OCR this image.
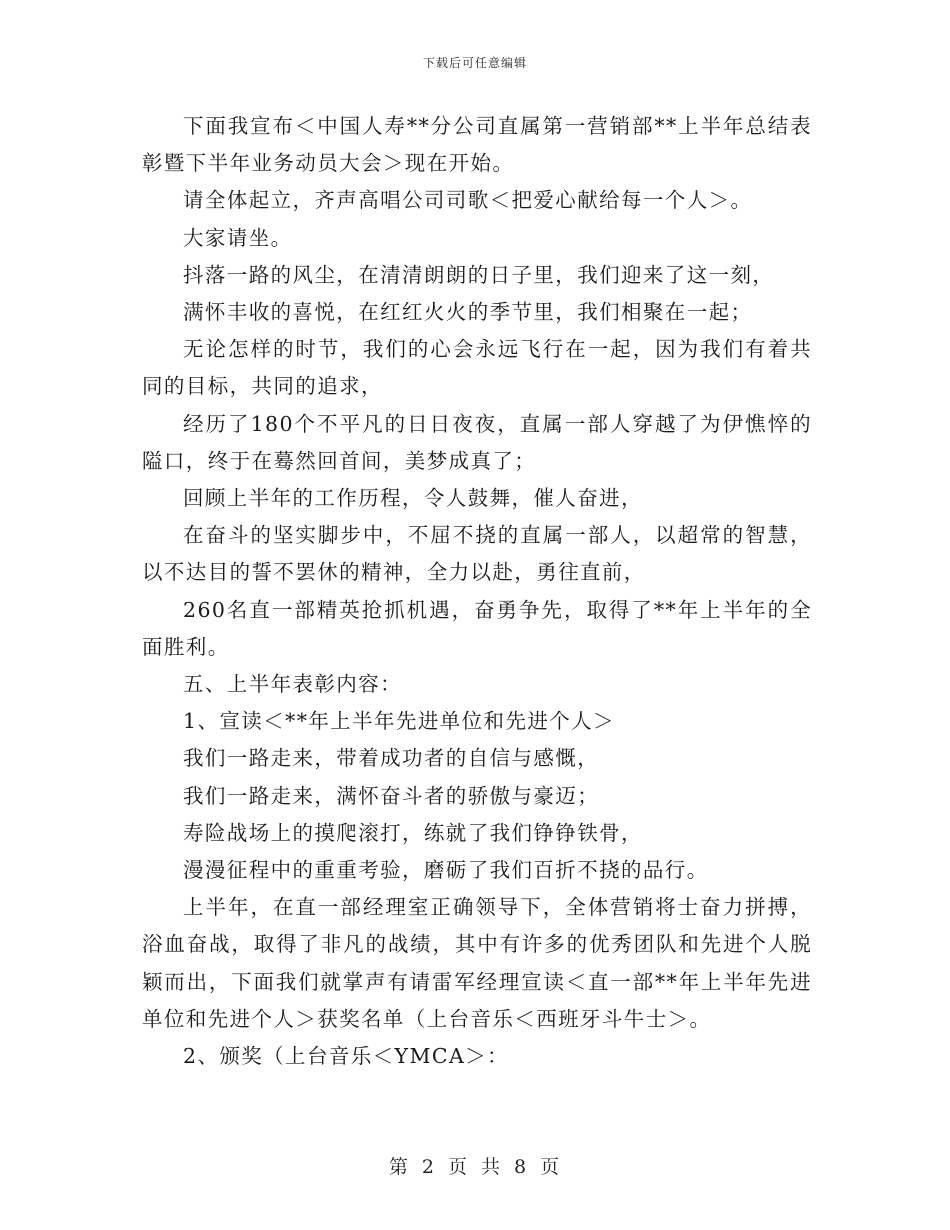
下载后可任意编辑

下面我宣布＜中国人寿**分公司直属第一营销部**上半年总结表彰暨下半年业务动员大会＞现在开始。

请全体起立，齐声高唱公司司歌＜把爱心献给每一个人＞。

大家请坐。

抖落一路的风尘，在清清朗朗的日子里，我们迎来了这一刻，

满怀丰收的喜悦，在红红火火的季节里，我们相聚在一起；

无论怎样的时节，我们的心会永远飞行在一起，因为我们有着共同的目标，共同的追求，

经历了180个不平凡的日日夜夜，直属一部人穿越了为伊憔悴的隘口，终于在蓦然回首间，美梦成真了；

回顾上半年的工作历程，令人鼓舞，催人奋进，

在奋斗的坚实脚步中，不屈不挠的直属一部人，以超常的智慧，以不达目的誓不罢休的精神，全力以赴，勇往直前，

260名直一部精英抢抓机遇，奋勇争先，取得了**年上半年的全面胜利。

五、上半年表彰内容：

1、宣读＜**年上半年先进单位和先进个人＞

我们一路走来，带着成功者的自信与感慨，

我们一路走来，满怀奋斗者的骄傲与豪迈；

寿险战场上的摸爬滚打，练就了我们铮铮铁骨，

漫漫征程中的重重考验，磨砺了我们百折不挠的品行。

上半年，在直一部经理室正确领导下，全体营销将士奋力拼搏，浴血奋战，取得了非凡的战绩，其中有许多的优秀团队和先进个人脱颖而出，下面我们就掌声有请雷军经理宣读＜直一部**年上半年先进单位和先进个人＞获奖名单（上台音乐＜西班牙斗牛士＞。

2、颁奖（上台音乐＜YMCA＞：

第 2 页 共 8 页
